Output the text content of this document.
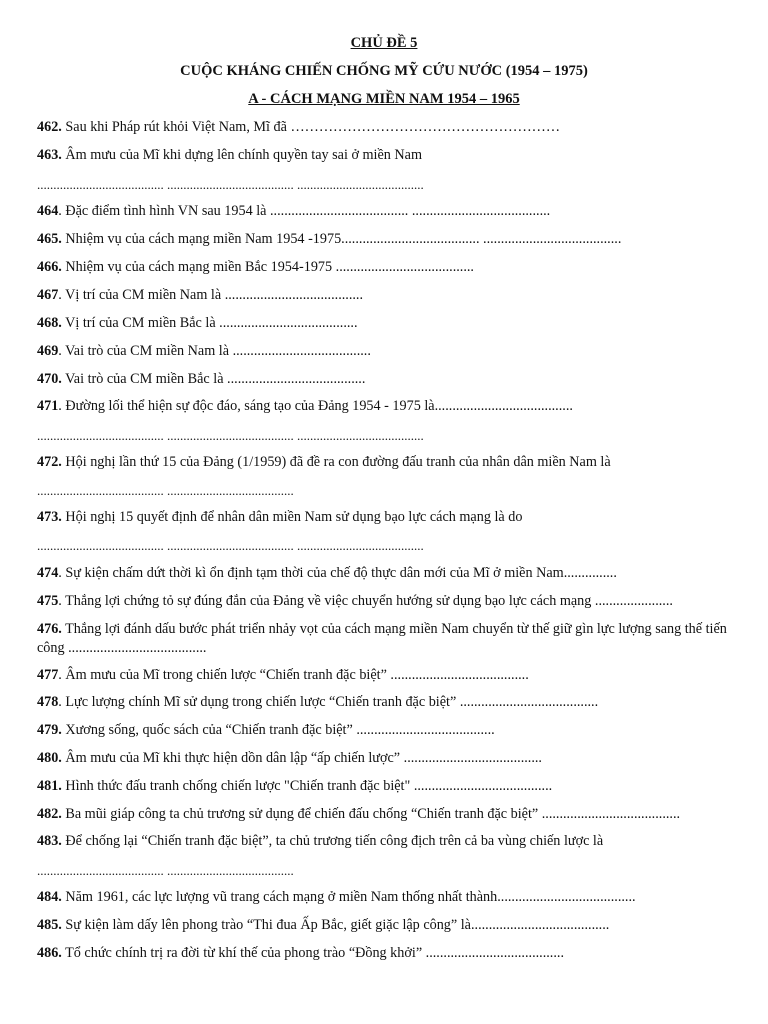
CHỦ ĐỀ 5
CUỘC KHÁNG CHIẾN CHỐNG MỸ CỨU NƯỚC (1954 – 1975)
A - CÁCH MẠNG MIỀN NAM 1954 – 1965
462. Sau khi Pháp rút khỏi Việt Nam, Mĩ đã …………………………………………………
463. Âm mưu của Mĩ khi dựng lên chính quyền tay sai ở miền Nam
....................................... ....................................... .......................................
464. Đặc điểm tình hình VN sau 1954 là ....................................... .......................................
465. Nhiệm vụ của cách mạng miền Nam 1954 -1975....................................... .......................................
466. Nhiệm vụ của cách mạng miền Bắc 1954-1975 .......................................
467. Vị trí của CM miền Nam là .......................................
468. Vị trí của CM miền Bắc là .......................................
469. Vai trò của CM miền Nam là .......................................
470. Vai trò của CM miền Bắc là .......................................
471. Đường lối thể hiện sự độc đáo, sáng tạo của Đảng 1954 - 1975 là.......................................
....................................... ....................................... .......................................
472. Hội nghị lần thứ 15 của Đảng (1/1959) đã đề ra con đường đấu tranh của nhân dân miền Nam là
....................................... .......................................
473. Hội nghị 15 quyết định để nhân dân miền Nam sử dụng bạo lực cách mạng là do
....................................... ....................................... .......................................
474. Sự kiện chấm dứt thời kì ổn định tạm thời của chế độ thực dân mới của Mĩ ở miền Nam...............
475. Thắng lợi chứng tỏ sự đúng đắn của Đảng về việc chuyển hướng sử dụng bạo lực cách mạng ......................
476. Thắng lợi đánh dấu bước phát triển nhảy vọt của cách mạng miền Nam chuyển từ thế giữ gìn lực lượng sang thế tiến công .......................................
477. Âm mưu của Mĩ trong chiến lược “Chiến tranh đặc biệt” .......................................
478. Lực lượng chính Mĩ sử dụng trong chiến lược “Chiến tranh đặc biệt” .......................................
479. Xương sống, quốc sách của “Chiến tranh đặc biệt” .......................................
480. Âm mưu của Mĩ khi thực hiện dồn dân lập “ấp chiến lược” .......................................
481. Hình thức đấu tranh chống chiến lược "Chiến tranh đặc biệt" .......................................
482. Ba mũi giáp công ta chủ trương sử dụng để chiến đấu chống “Chiến tranh đặc biệt” .......................................
483. Để chống lại “Chiến tranh đặc biệt”, ta chủ trương tiến công địch trên cả ba vùng chiến lược là
....................................... .......................................
484. Năm 1961, các lực lượng vũ trang cách mạng ở miền Nam thống nhất thành.......................................
485. Sự kiện làm dấy lên phong trào “Thi đua Ấp Bắc, giết giặc lập công” là.......................................
486. Tổ chức chính trị ra đời từ khí thế của phong trào “Đồng khởi” .......................................
